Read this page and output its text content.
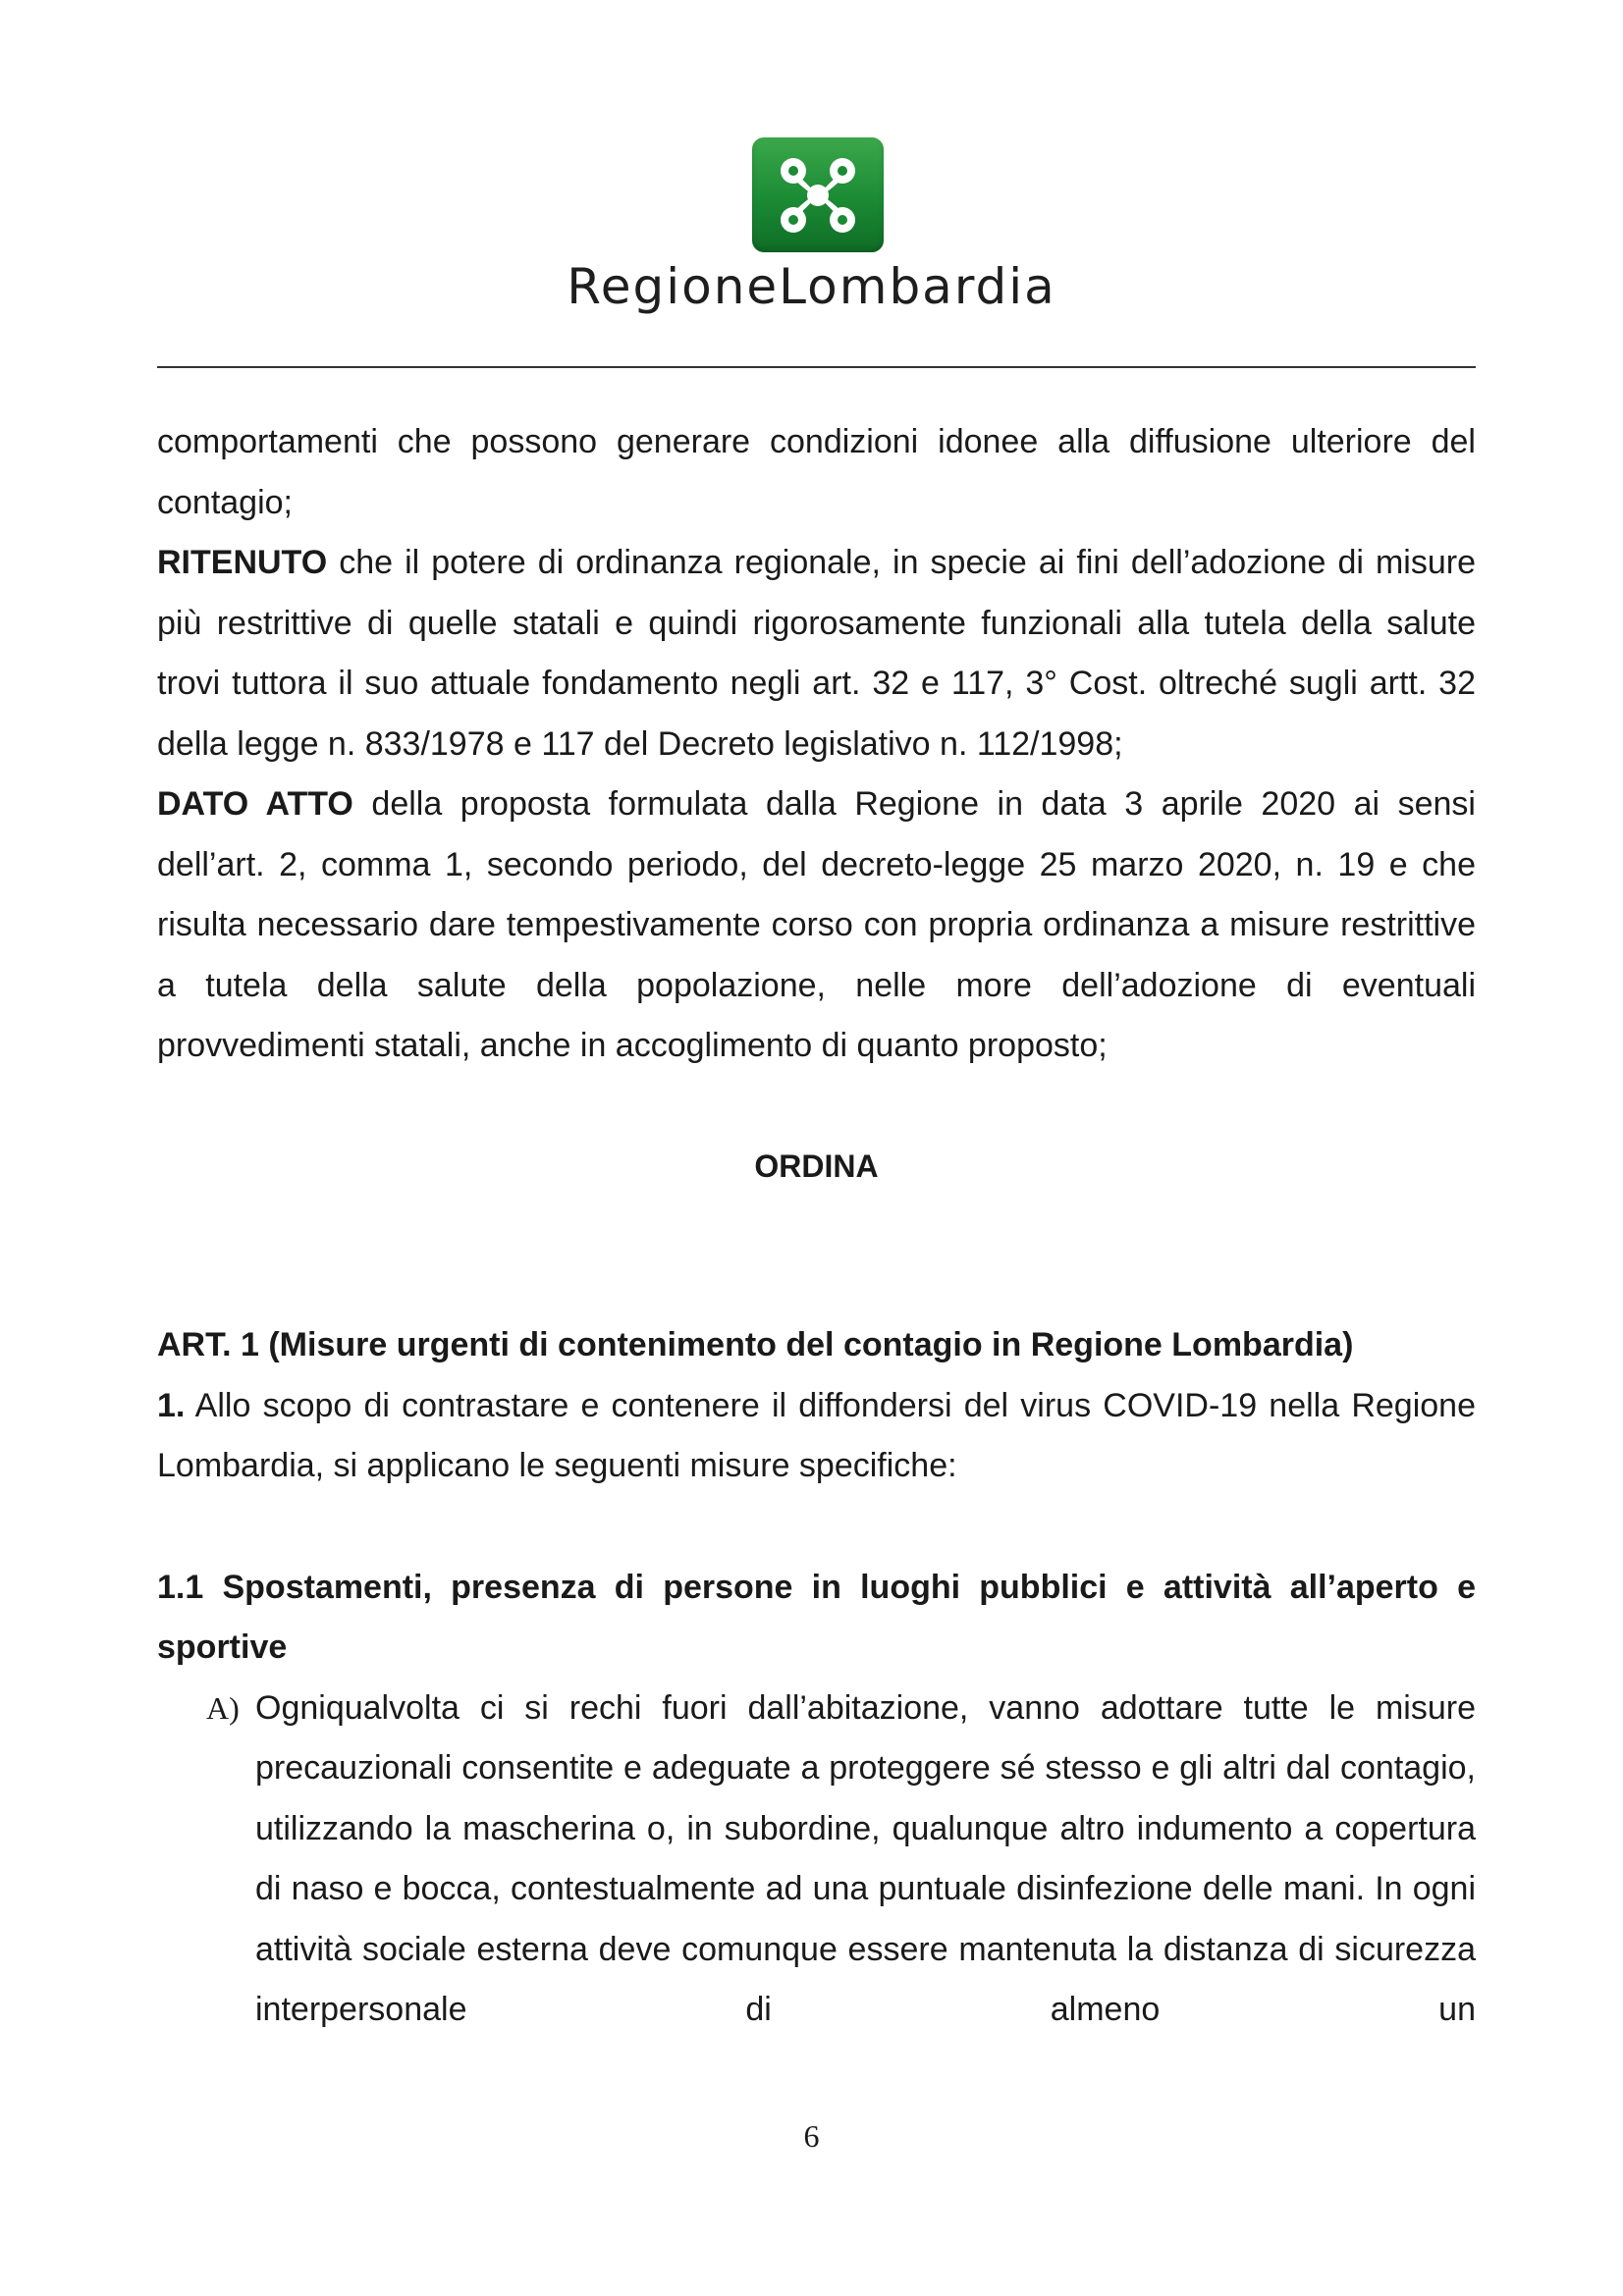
RegioneLombardia

comportamenti che possono generare condizioni idonee alla diffusione ulteriore del contagio;

RITENUTO che il potere di ordinanza regionale, in specie ai fini dell’adozione di misure più restrittive di quelle statali e quindi rigorosamente funzionali alla tutela della salute trovi tuttora il suo attuale fondamento negli art. 32 e 117, 3° Cost. oltreché sugli artt. 32 della legge n. 833/1978 e 117 del Decreto legislativo n. 112/1998;

DATO ATTO della proposta formulata dalla Regione in data 3 aprile 2020 ai sensi dell’art. 2, comma 1, secondo periodo, del decreto-legge 25 marzo 2020, n. 19 e che risulta necessario dare tempestivamente corso con propria ordinanza a misure restrittive a tutela della salute della popolazione, nelle more dell’adozione di eventuali provvedimenti statali, anche in accoglimento di quanto proposto;

ORDINA

ART. 1 (Misure urgenti di contenimento del contagio in Regione Lombardia)

1. Allo scopo di contrastare e contenere il diffondersi del virus COVID-19 nella Regione Lombardia, si applicano le seguenti misure specifiche:

1.1 Spostamenti, presenza di persone in luoghi pubblici e attività all’aperto e sportive

A) Ogniqualvolta ci si rechi fuori dall’abitazione, vanno adottare tutte le misure precauzionali consentite e adeguate a proteggere sé stesso e gli altri dal contagio, utilizzando la mascherina o, in subordine, qualunque altro indumento a copertura di naso e bocca, contestualmente ad una puntuale disinfezione delle mani. In ogni attività sociale esterna deve comunque essere mantenuta la distanza di sicurezza interpersonale di almeno un

6
